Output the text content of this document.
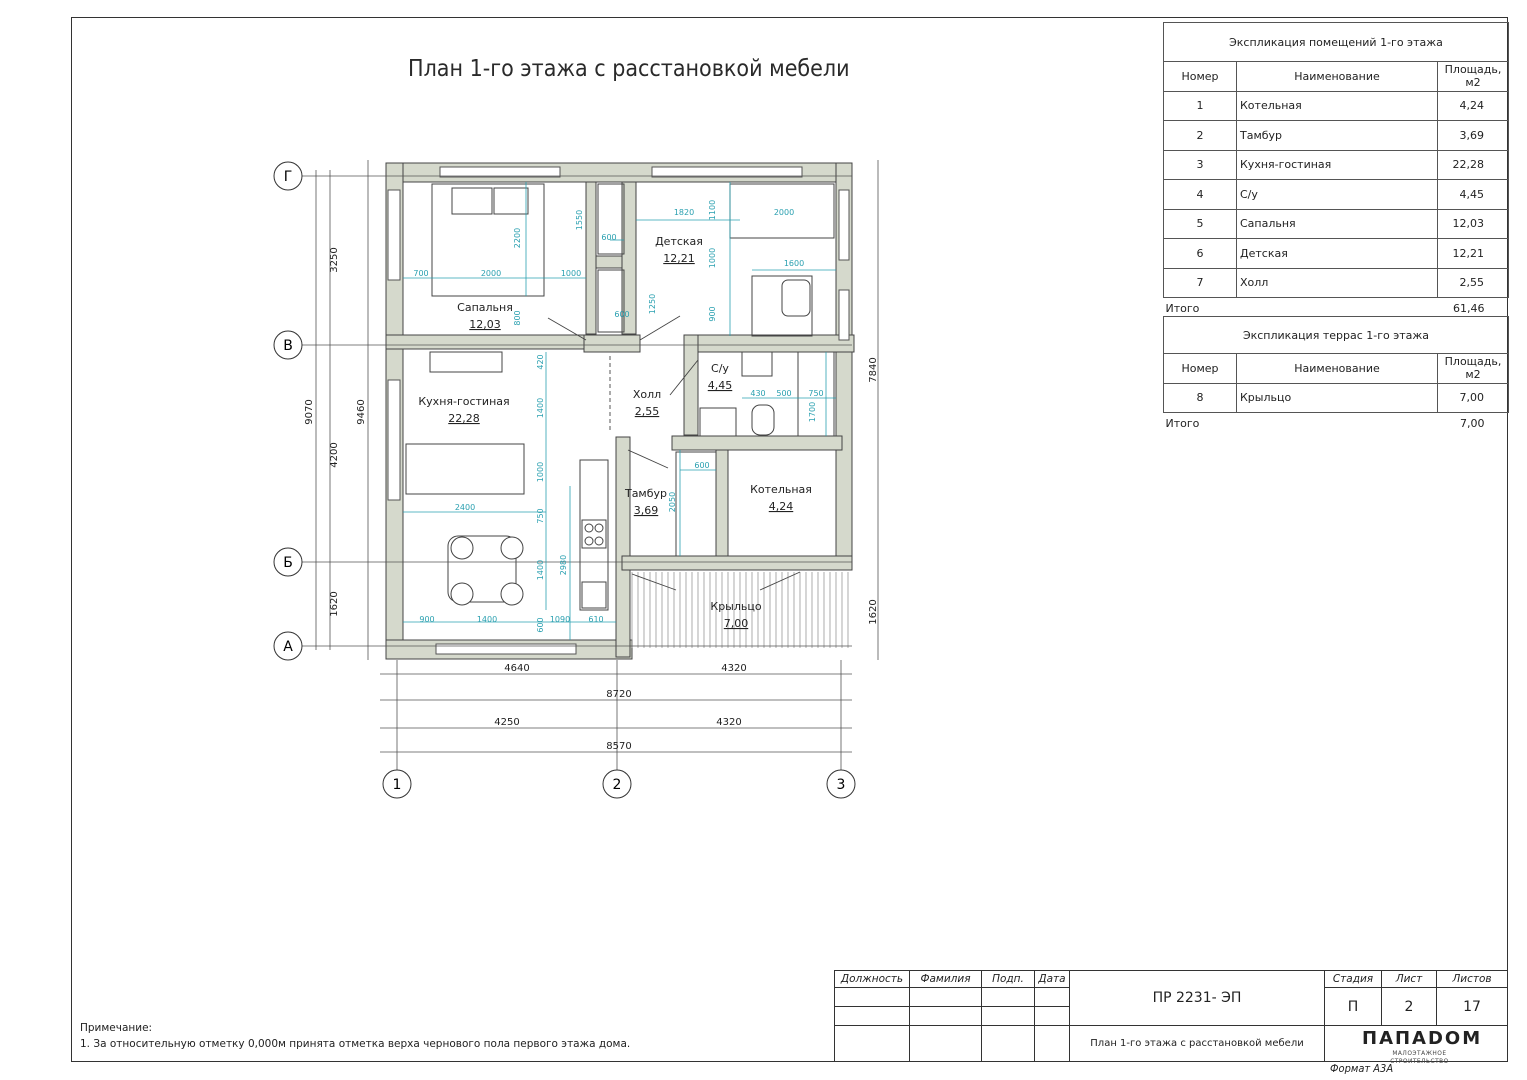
План 1-го этажа с расстановкой мебели
Г
В
Б
А
1	2	3
Сапальня
12,03
Детская
12,21
С/у
4,45
Холл
2,55
Кухня-гостиная
22,28
Тамбур
3,69
Котельная
4,24
Крыльцо
7,00
4640	4320
8720
4250	4320
8570
3250
4200
1620
9070	9460
7840
1620
700	2000	1000
2200
1550
600
1820 1100	2000
1000
1250
600
800	900
1600
420
1400
1000
750
2400
1400 2980
900	1400	600 1090 610
430 500 750
1700
600
2050
Экспликация помещений 1-го этажа		
Номер	Наименование	Площадь, м2
1	Котельная	4,24
2	Тамбур	3,69
3	Кухня-гостиная	22,28
4	С/у	4,45
5	Сапальня	12,03
6	Детская	12,21
7	Холл	2,55
Итого		61,46
Экспликация террас 1-го этажа		
Номер	Наименование	Площадь, м2
8	Крыльцо	7,00
Итого		7,00
Примечание:
1. За относительную отметку 0,000м принята отметка верха чернового пола первого этажа дома.
Должность	Фамилия	Подп.	Дата
ПР 2231- ЭП
План 1-го этажа с расстановкой мебели
Стадия	Лист	Листов
П	2	17
ПАПАDOM
МАЛОЭТАЖНОЕ СТРОИТЕЛЬСТВО
Формат А3А
